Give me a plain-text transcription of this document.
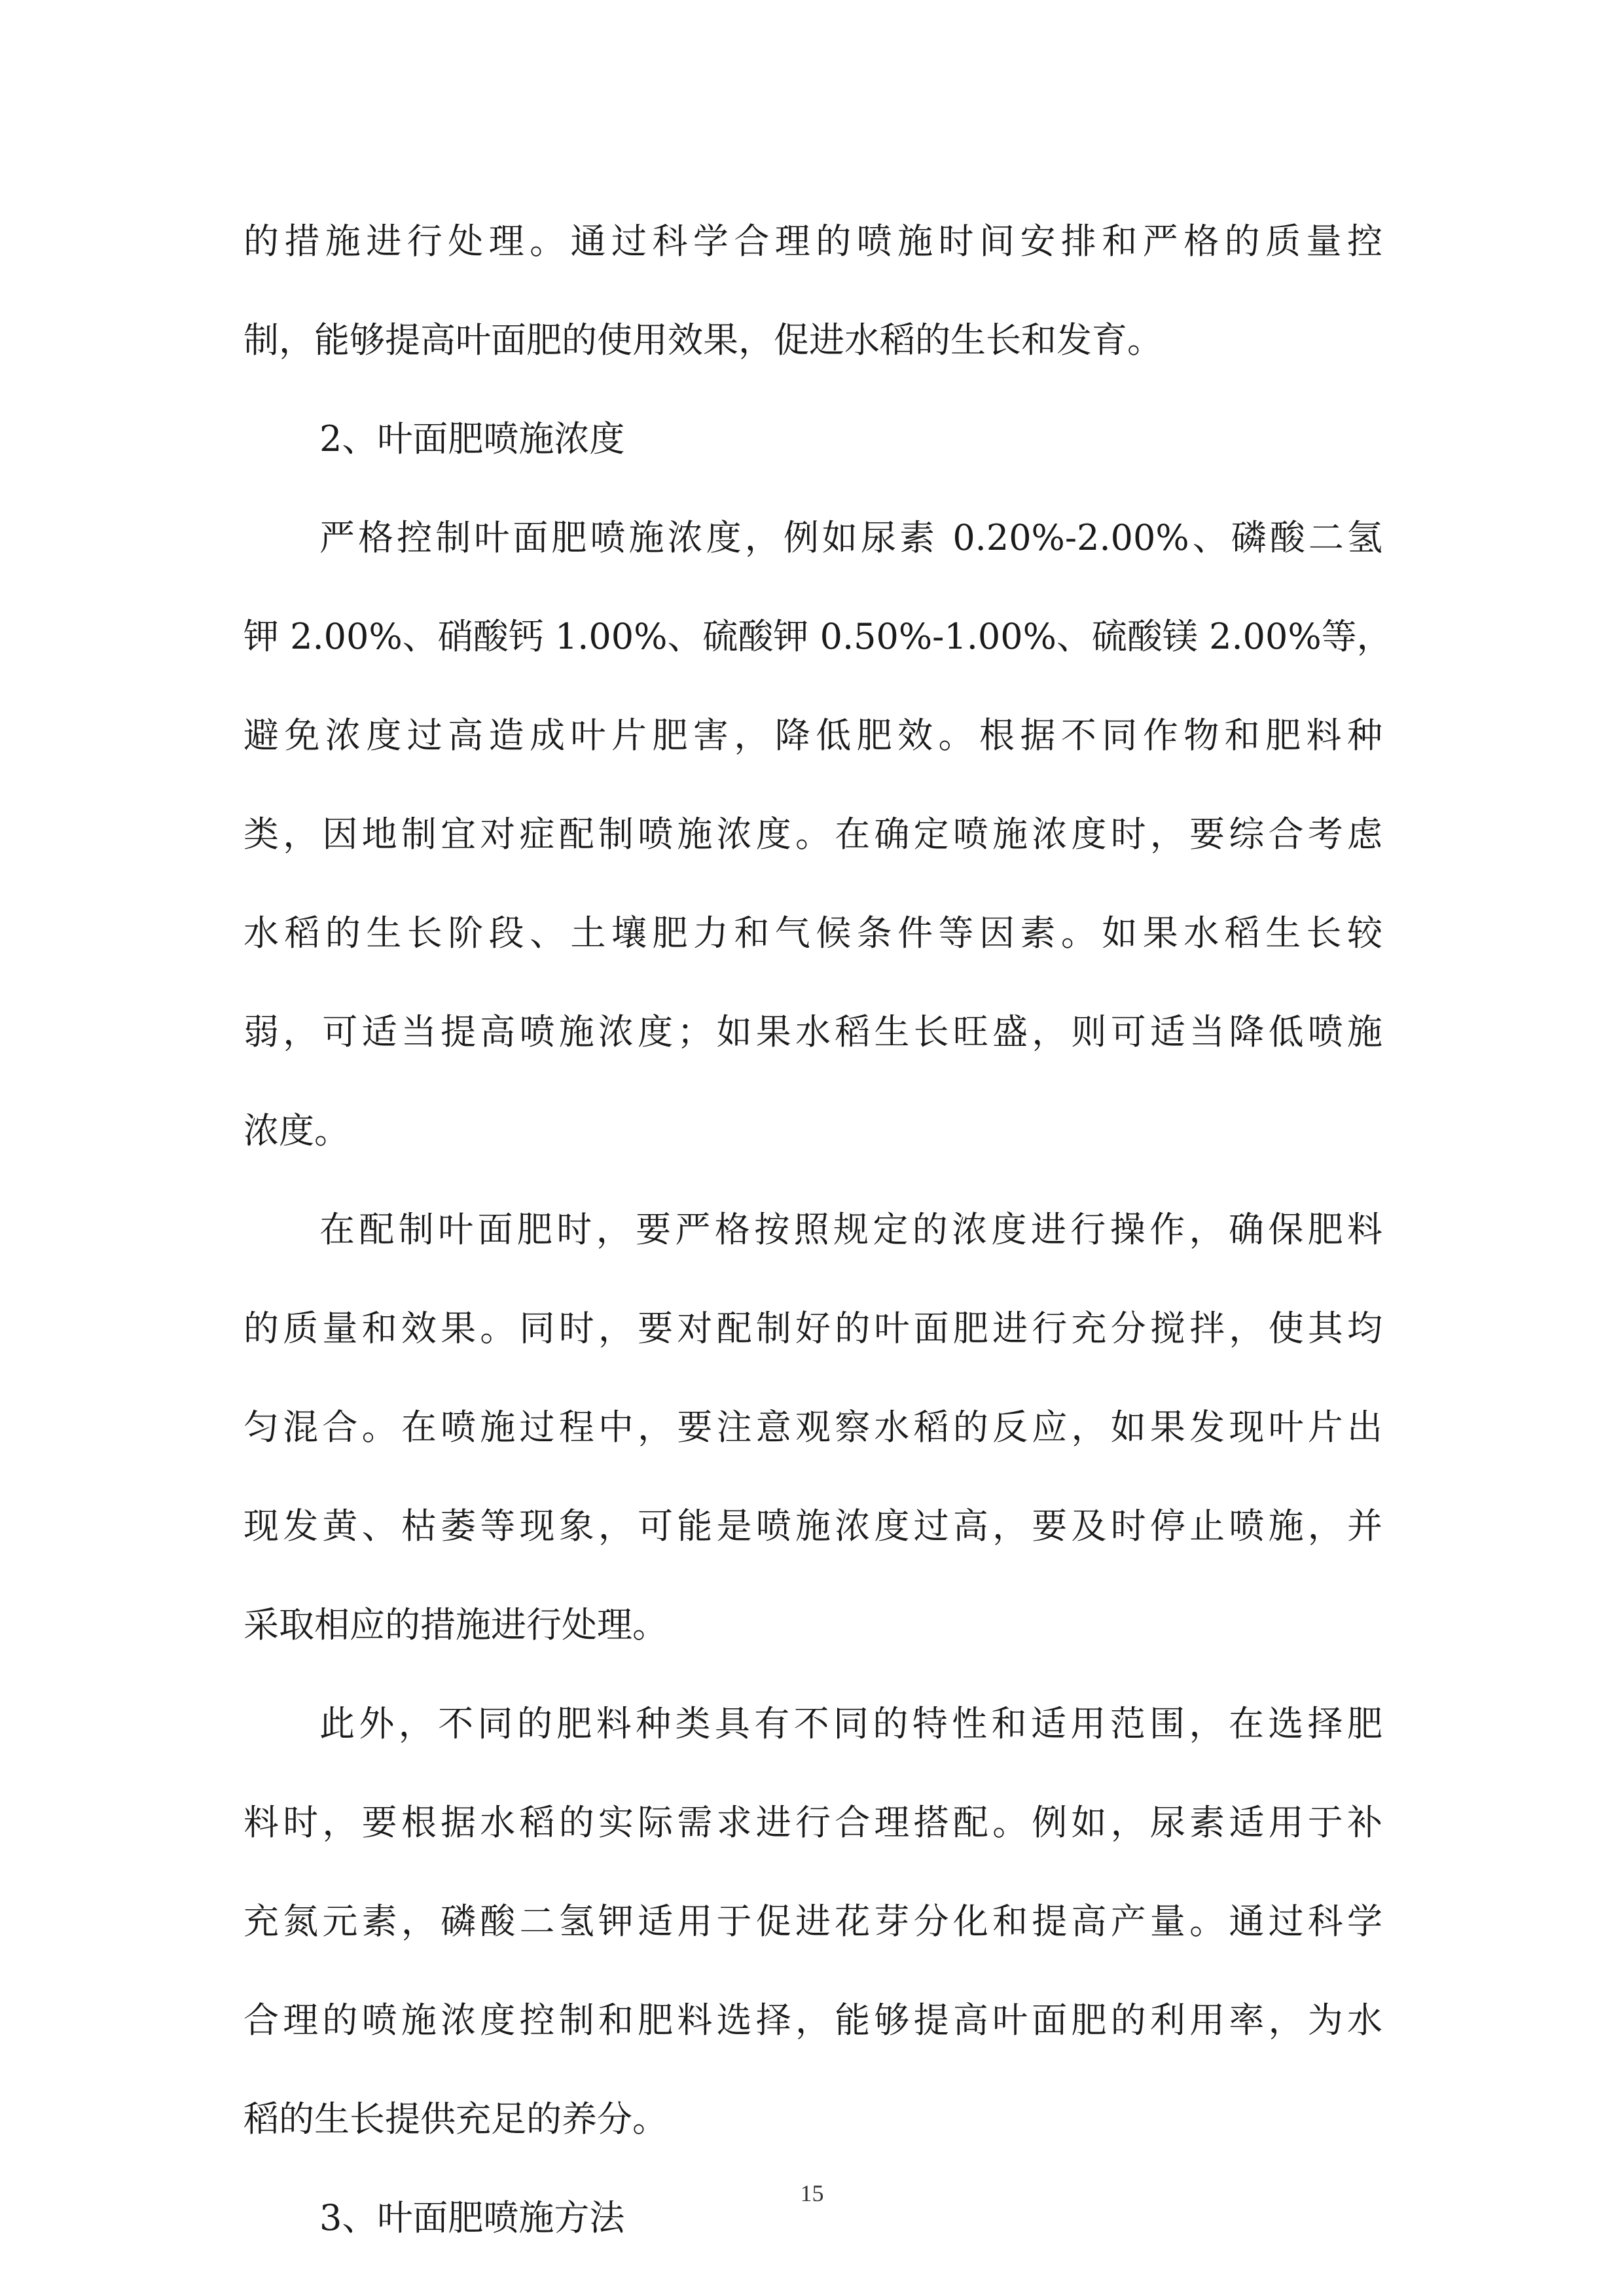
的措施进行处理。通过科学合理的喷施时间安排和严格的质量控
制，能够提高叶面肥的使用效果，促进水稻的生长和发育。
2、叶面肥喷施浓度
严格控制叶面肥喷施浓度，例如尿素 0.20%-2.00%、磷酸二氢
钾 2.00%、硝酸钙 1.00%、硫酸钾 0.50%-1.00%、硫酸镁 2.00%等，
避免浓度过高造成叶片肥害，降低肥效。根据不同作物和肥料种
类，因地制宜对症配制喷施浓度。在确定喷施浓度时，要综合考虑
水稻的生长阶段、土壤肥力和气候条件等因素。如果水稻生长较
弱，可适当提高喷施浓度；如果水稻生长旺盛，则可适当降低喷施
浓度。
在配制叶面肥时，要严格按照规定的浓度进行操作，确保肥料
的质量和效果。同时，要对配制好的叶面肥进行充分搅拌，使其均
匀混合。在喷施过程中，要注意观察水稻的反应，如果发现叶片出
现发黄、枯萎等现象，可能是喷施浓度过高，要及时停止喷施，并
采取相应的措施进行处理。
此外，不同的肥料种类具有不同的特性和适用范围，在选择肥
料时，要根据水稻的实际需求进行合理搭配。例如，尿素适用于补
充氮元素，磷酸二氢钾适用于促进花芽分化和提高产量。通过科学
合理的喷施浓度控制和肥料选择，能够提高叶面肥的利用率，为水
稻的生长提供充足的养分。
3、叶面肥喷施方法
15
